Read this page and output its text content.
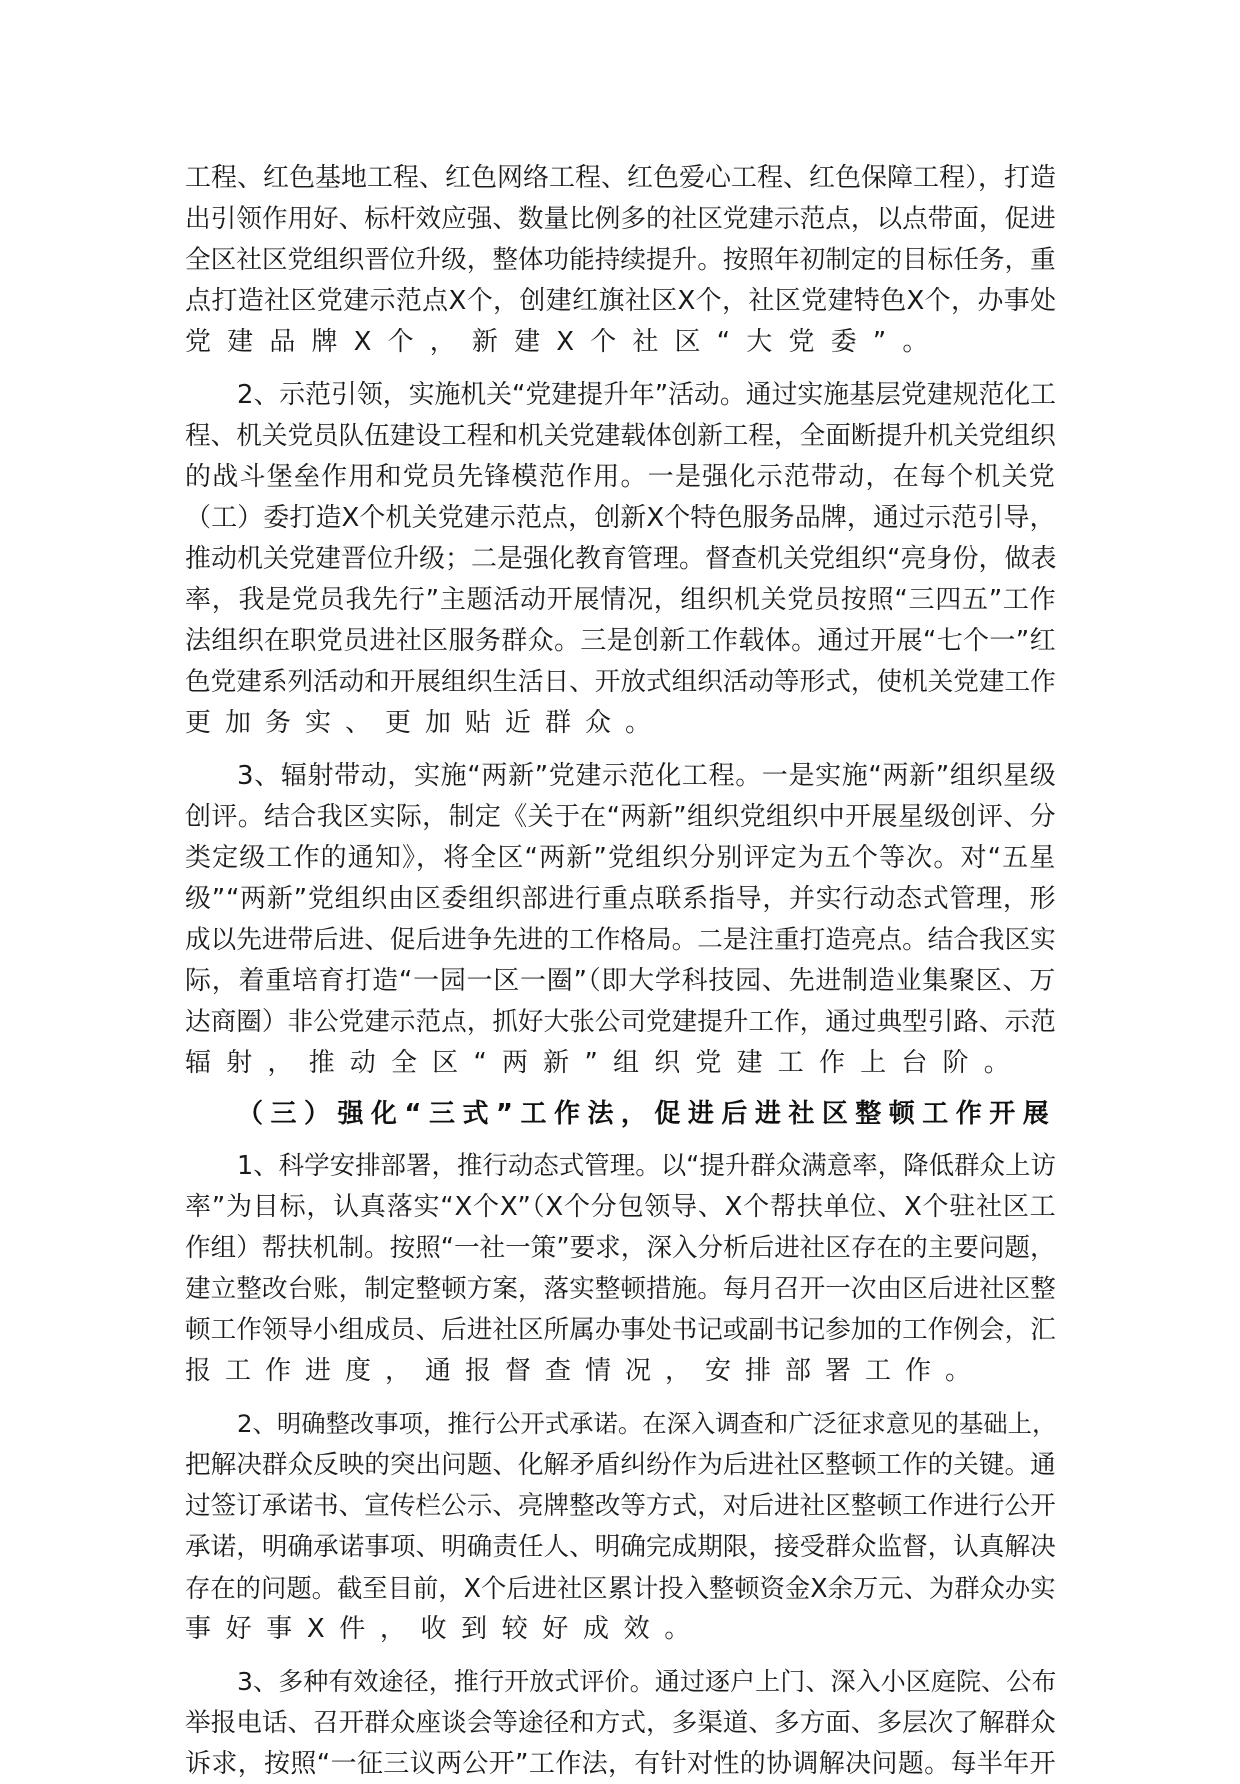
工程、红色基地工程、红色网络工程、红色爱心工程、红色保障工程），打造
出引领作用好、标杆效应强、数量比例多的社区党建示范点，以点带面，促进
全区社区党组织晋位升级，整体功能持续提升。按照年初制定的目标任务，重
点打造社区党建示范点X个，创建红旗社区X个，社区党建特色X个，办事处
党建品牌X个，新建X个社区“大党委”。
2、示范引领，实施机关“党建提升年”活动。通过实施基层党建规范化工
程、机关党员队伍建设工程和机关党建载体创新工程，全面断提升机关党组织
的战斗堡垒作用和党员先锋模范作用。一是强化示范带动，在每个机关党
（工）委打造X个机关党建示范点，创新X个特色服务品牌，通过示范引导，
推动机关党建晋位升级；二是强化教育管理。督查机关党组织“亮身份，做表
率，我是党员我先行”主题活动开展情况，组织机关党员按照“三四五”工作
法组织在职党员进社区服务群众。三是创新工作载体。通过开展“七个一”红
色党建系列活动和开展组织生活日、开放式组织活动等形式，使机关党建工作
更加务实、更加贴近群众。
3、辐射带动，实施“两新”党建示范化工程。一是实施“两新”组织星级
创评。结合我区实际，制定《关于在“两新”组织党组织中开展星级创评、分
类定级工作的通知》，将全区“两新”党组织分别评定为五个等次。对“五星
级”“两新”党组织由区委组织部进行重点联系指导，并实行动态式管理，形
成以先进带后进、促后进争先进的工作格局。二是注重打造亮点。结合我区实
际，着重培育打造“一园一区一圈”（即大学科技园、先进制造业集聚区、万
达商圈）非公党建示范点，抓好大张公司党建提升工作，通过典型引路、示范
辐射，推动全区“两新”组织党建工作上台阶。
（三）强化“三式”工作法，促进后进社区整顿工作开展
1、科学安排部署，推行动态式管理。以“提升群众满意率，降低群众上访
率”为目标，认真落实“X个X”（X个分包领导、X个帮扶单位、X个驻社区工
作组）帮扶机制。按照“一社一策”要求，深入分析后进社区存在的主要问题，
建立整改台账，制定整顿方案，落实整顿措施。每月召开一次由区后进社区整
顿工作领导小组成员、后进社区所属办事处书记或副书记参加的工作例会，汇
报工作进度，通报督查情况，安排部署工作。
2、明确整改事项，推行公开式承诺。在深入调查和广泛征求意见的基础上，
把解决群众反映的突出问题、化解矛盾纠纷作为后进社区整顿工作的关键。通
过签订承诺书、宣传栏公示、亮牌整改等方式，对后进社区整顿工作进行公开
承诺，明确承诺事项、明确责任人、明确完成期限，接受群众监督，认真解决
存在的问题。截至目前，X个后进社区累计投入整顿资金X余万元、为群众办实
事好事X件，收到较好成效。
3、多种有效途径，推行开放式评价。通过逐户上门、深入小区庭院、公布
举报电话、召开群众座谈会等途径和方式，多渠道、多方面、多层次了解群众
诉求，按照“一征三议两公开”工作法，有针对性的协调解决问题。每半年开
